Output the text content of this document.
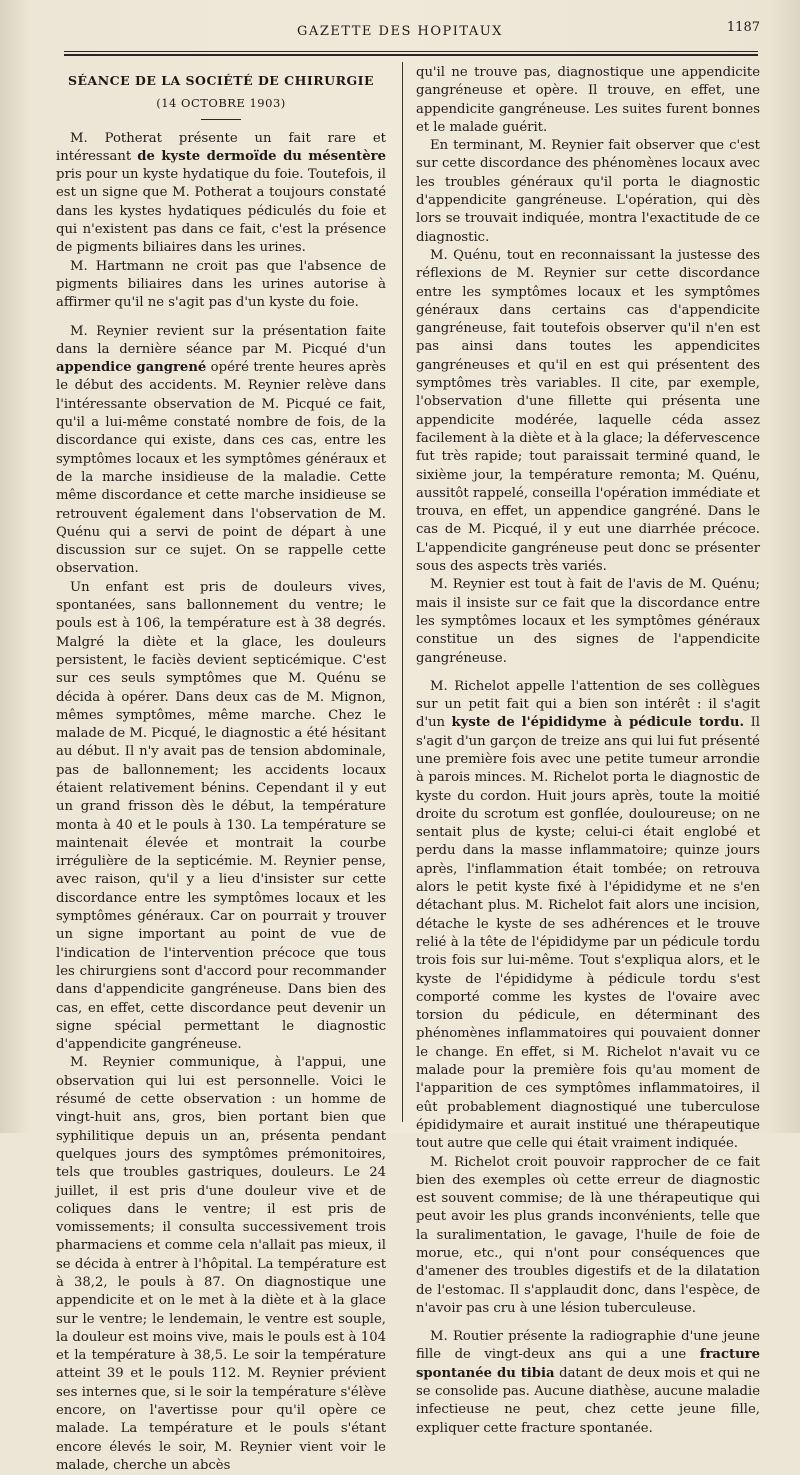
GAZETTE DES HOPITAUX	1187
SÉANCE DE LA SOCIÉTÉ DE CHIRURGIE
(14 OCTOBRE 1903)

M. Potherat présente un fait rare et intéressant de kyste dermoïde du mésentère pris pour un kyste hydatique du foie. Toutefois, il est un signe que M. Potherat a toujours constaté dans les kystes hydatiques pédiculés du foie et qui n'existent pas dans ce fait, c'est la présence de pigments biliaires dans les urines.

M. Hartmann ne croit pas que l'absence de pigments biliaires dans les urines autorise à affirmer qu'il ne s'agit pas d'un kyste du foie.

M. Reynier revient sur la présentation faite dans la dernière séance par M. Picqué d'un appendice gangrené opéré trente heures après le début des accidents. M. Reynier relève dans l'intéressante observation de M. Picqué ce fait, qu'il a lui-même constaté nombre de fois, de la discordance qui existe, dans ces cas, entre les symptômes locaux et les symptômes généraux et de la marche insidieuse de la maladie. Cette même discordance et cette marche insidieuse se retrouvent également dans l'observation de M. Quénu qui a servi de point de départ à une discussion sur ce sujet. On se rappelle cette observation.

Un enfant est pris de douleurs vives, spontanées, sans ballonnement du ventre; le pouls est à 106, la température est à 38 degrés. Malgré la diète et la glace, les douleurs persistent, le faciès devient septicémique. C'est sur ces seuls symptômes que M. Quénu se décida à opérer. Dans deux cas de M. Mignon, mêmes symptômes, même marche. Chez le malade de M. Picqué, le diagnostic a été hésitant au début. Il n'y avait pas de tension abdominale, pas de ballonnement; les accidents locaux étaient relativement bénins. Cependant il y eut un grand frisson dès le début, la température monta à 40 et le pouls à 130. La température se maintenait élevée et montrait la courbe irrégulière de la septicémie. M. Reynier pense, avec raison, qu'il y a lieu d'insister sur cette discordance entre les symptômes locaux et les symptômes généraux. Car on pourrait y trouver un signe important au point de vue de l'indication de l'intervention précoce que tous les chirurgiens sont d'accord pour recommander dans d'appendicite gangréneuse. Dans bien des cas, en effet, cette discordance peut devenir un signe spécial permettant le diagnostic d'appendicite gangréneuse.

M. Reynier communique, à l'appui, une observation qui lui est personnelle. Voici le résumé de cette observation : un homme de vingt-huit ans, gros, bien portant bien que syphilitique depuis un an, présenta pendant quelques jours des symptômes prémonitoires, tels que troubles gastriques, douleurs. Le 24 juillet, il est pris d'une douleur vive et de coliques dans le ventre; il est pris de vomissements; il consulta successivement trois pharmaciens et comme cela n'allait pas mieux, il se décida à entrer à l'hôpital. La température est à 38,2, le pouls à 87. On diagnostique une appendicite et on le met à la diète et à la glace sur le ventre; le lendemain, le ventre est souple, la douleur est moins vive, mais le pouls est à 104 et la température à 38,5. Le soir la température atteint 39 et le pouls 112. M. Reynier prévient ses internes que, si le soir la température s'élève encore, on l'avertisse pour qu'il opère ce malade. La température et le pouls s'étant encore élevés le soir, M. Reynier vient voir le malade, cherche un abcès

qu'il ne trouve pas, diagnostique une appendicite gangréneuse et opère. Il trouve, en effet, une appendicite gangréneuse. Les suites furent bonnes et le malade guérit.

En terminant, M. Reynier fait observer que c'est sur cette discordance des phénomènes locaux avec les troubles généraux qu'il porta le diagnostic d'appendicite gangréneuse. L'opération, qui dès lors se trouvait indiquée, montra l'exactitude de ce diagnostic.

M. Quénu, tout en reconnaissant la justesse des réflexions de M. Reynier sur cette discordance entre les symptômes locaux et les symptômes généraux dans certains cas d'appendicite gangréneuse, fait toutefois observer qu'il n'en est pas ainsi dans toutes les appendicites gangréneuses et qu'il en est qui présentent des symptômes très variables. Il cite, par exemple, l'observation d'une fillette qui présenta une appendicite modérée, laquelle céda assez facilement à la diète et à la glace; la défervescence fut très rapide; tout paraissait terminé quand, le sixième jour, la température remonta; M. Quénu, aussitôt rappelé, conseilla l'opération immédiate et trouva, en effet, un appendice gangréné. Dans le cas de M. Picqué, il y eut une diarrhée précoce. L'appendicite gangréneuse peut donc se présenter sous des aspects très variés.

M. Reynier est tout à fait de l'avis de M. Quénu; mais il insiste sur ce fait que la discordance entre les symptômes locaux et les symptômes généraux constitue un des signes de l'appendicite gangréneuse.

M. Richelot appelle l'attention de ses collègues sur un petit fait qui a bien son intérêt : il s'agit d'un kyste de l'épididyme à pédicule tordu. Il s'agit d'un garçon de treize ans qui lui fut présenté une première fois avec une petite tumeur arrondie à parois minces. M. Richelot porta le diagnostic de kyste du cordon. Huit jours après, toute la moitié droite du scrotum est gonflée, douloureuse; on ne sentait plus de kyste; celui-ci était englobé et perdu dans la masse inflammatoire; quinze jours après, l'inflammation était tombée; on retrouva alors le petit kyste fixé à l'épididyme et ne s'en détachant plus. M. Richelot fait alors une incision, détache le kyste de ses adhérences et le trouve relié à la tête de l'épididyme par un pédicule tordu trois fois sur lui-même. Tout s'expliqua alors, et le kyste de l'épididyme à pédicule tordu s'est comporté comme les kystes de l'ovaire avec torsion du pédicule, en déterminant des phénomènes inflammatoires qui pouvaient donner le change. En effet, si M. Richelot n'avait vu ce malade pour la première fois qu'au moment de l'apparition de ces symptômes inflammatoires, il eût probablement diagnostiqué une tuberculose épididymaire et aurait institué une thérapeutique tout autre que celle qui était vraiment indiquée.

M. Richelot croit pouvoir rapprocher de ce fait bien des exemples où cette erreur de diagnostic est souvent commise; de là une thérapeutique qui peut avoir les plus grands inconvénients, telle que la suralimentation, le gavage, l'huile de foie de morue, etc., qui n'ont pour conséquences que d'amener des troubles digestifs et de la dilatation de l'estomac. Il s'applaudit donc, dans l'espèce, de n'avoir pas cru à une lésion tuberculeuse.

M. Routier présente la radiographie d'une jeune fille de vingt-deux ans qui a une fracture spontanée du tibia datant de deux mois et qui ne se consolide pas. Aucune diathèse, aucune maladie infectieuse ne peut, chez cette jeune fille, expliquer cette fracture spontanée.
